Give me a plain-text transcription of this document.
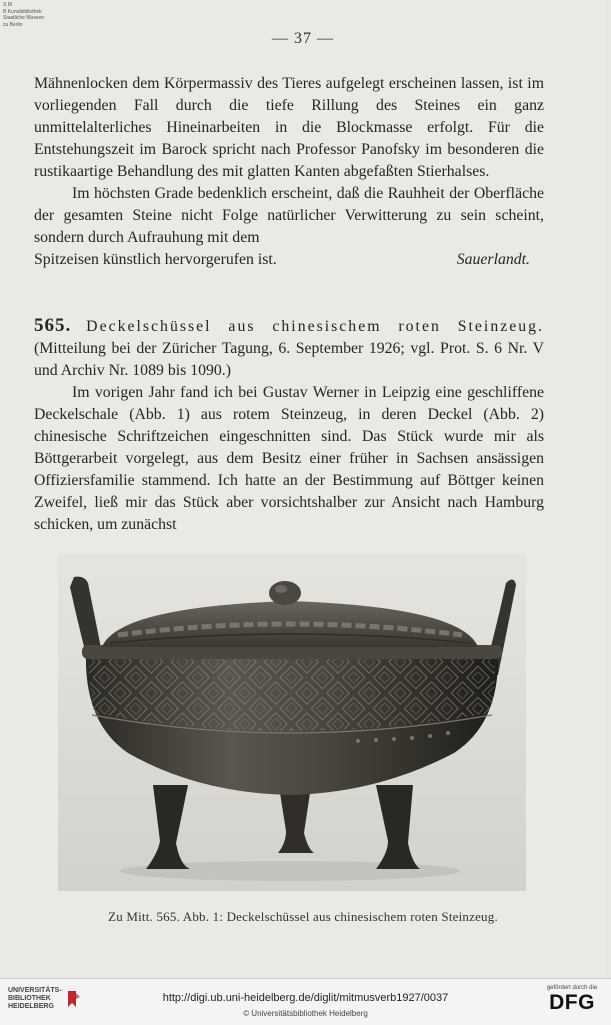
S M
B Kunstbibliothek
Staatliche Museen
zu Berlin
— 37 —

Mähnenlocken dem Körpermassiv des Tieres aufgelegt erscheinen lassen, ist im vorliegenden Fall durch die tiefe Rillung des Steines ein ganz unmittelalterliches Hineinarbeiten in die Blockmasse erfolgt. Für die Entstehungszeit im Barock spricht nach Professor Panofsky im besonderen die rustikaartige Behandlung des mit glatten Kanten abgefaßten Stierhalses.

Im höchsten Grade bedenklich erscheint, daß die Rauhheit der Oberfläche der gesamten Steine nicht Folge natürlicher Verwitterung zu sein scheint, sondern durch Aufrauhung mit dem

Spitzeisen künstlich hervorgerufen ist.	Sauerlandt.

565. Deckelschüssel aus chinesischem roten Steinzeug. (Mitteilung bei der Züricher Tagung, 6. September 1926; vgl. Prot. S. 6 Nr. V und Archiv Nr. 1089 bis 1090.)

Im vorigen Jahr fand ich bei Gustav Werner in Leipzig eine geschliffene Deckelschale (Abb. 1) aus rotem Steinzeug, in deren Deckel (Abb. 2) chinesische Schriftzeichen eingeschnitten sind. Das Stück wurde mir als Böttgerarbeit vorgelegt, aus dem Besitz einer früher in Sachsen ansässigen Offiziersfamilie stammend. Ich hatte an der Bestimmung auf Böttger keinen Zweifel, ließ mir das Stück aber vorsichtshalber zur Ansicht nach Hamburg schicken, um zunächst

Zu Mitt. 565. Abb. 1: Deckelschüssel aus chinesischem roten Steinzeug.
UNIVERSITÄTS-
BIBLIOTHEK
HEIDELBERG
http://digi.ub.uni-heidelberg.de/diglit/mitmusverb1927/0037
© Universitätsbibliothek Heidelberg
gefördert durch die
DFG
